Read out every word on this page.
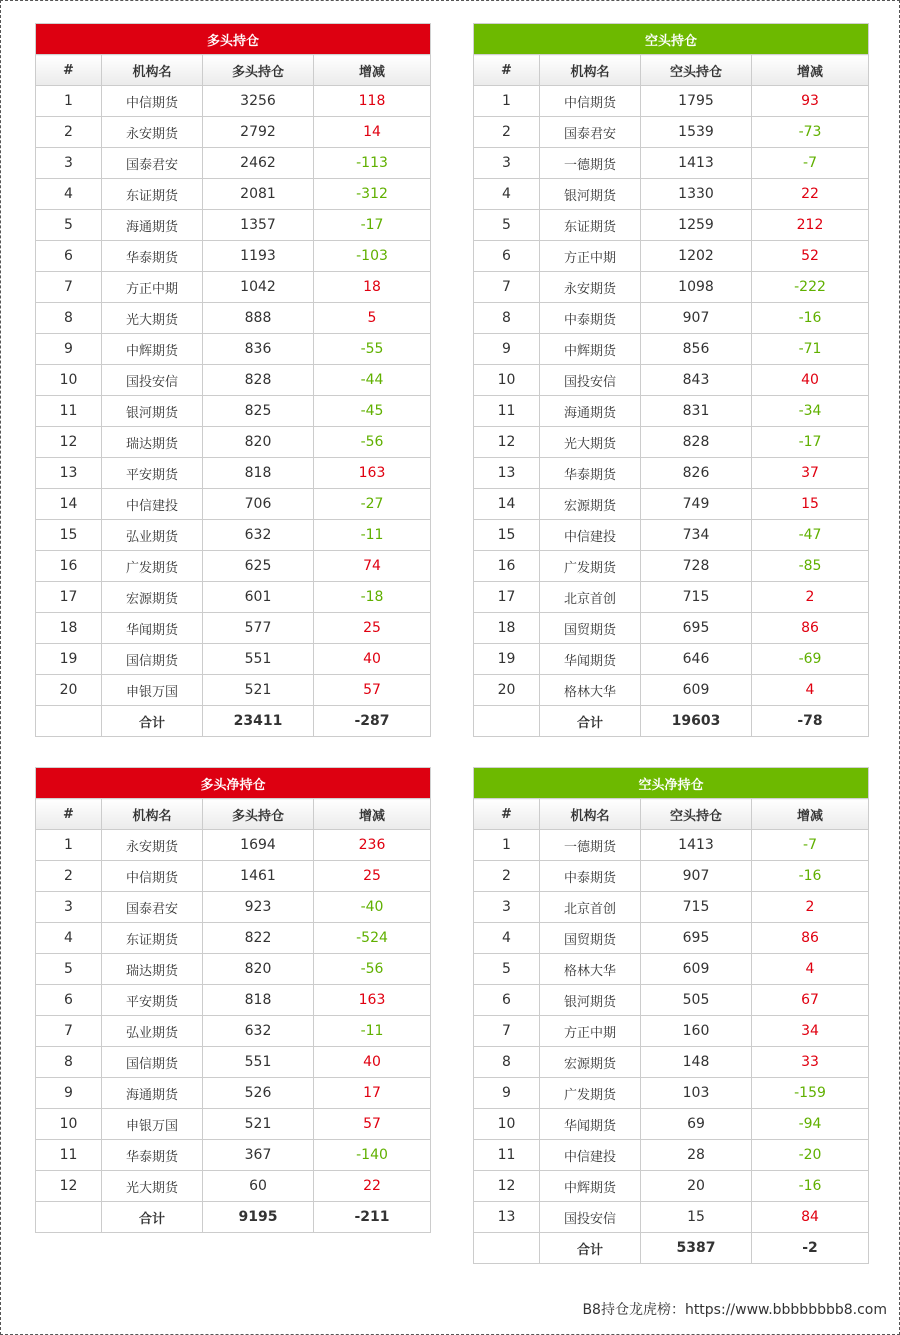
多头持仓			
#	机构名	多头持仓	增减
1	中信期货	3256	118
2	永安期货	2792	14
3	国泰君安	2462	-113
4	东证期货	2081	-312
5	海通期货	1357	-17
6	华泰期货	1193	-103
7	方正中期	1042	18
8	光大期货	888	5
9	中辉期货	836	-55
10	国投安信	828	-44
11	银河期货	825	-45
12	瑞达期货	820	-56
13	平安期货	818	163
14	中信建投	706	-27
15	弘业期货	632	-11
16	广发期货	625	74
17	宏源期货	601	-18
18	华闻期货	577	25
19	国信期货	551	40
20	申银万国	521	57
	合计	23411	-287
空头持仓			
#	机构名	空头持仓	增减
1	中信期货	1795	93
2	国泰君安	1539	-73
3	一德期货	1413	-7
4	银河期货	1330	22
5	东证期货	1259	212
6	方正中期	1202	52
7	永安期货	1098	-222
8	中泰期货	907	-16
9	中辉期货	856	-71
10	国投安信	843	40
11	海通期货	831	-34
12	光大期货	828	-17
13	华泰期货	826	37
14	宏源期货	749	15
15	中信建投	734	-47
16	广发期货	728	-85
17	北京首创	715	2
18	国贸期货	695	86
19	华闻期货	646	-69
20	格林大华	609	4
	合计	19603	-78
多头净持仓			
#	机构名	多头持仓	增减
1	永安期货	1694	236
2	中信期货	1461	25
3	国泰君安	923	-40
4	东证期货	822	-524
5	瑞达期货	820	-56
6	平安期货	818	163
7	弘业期货	632	-11
8	国信期货	551	40
9	海通期货	526	17
10	申银万国	521	57
11	华泰期货	367	-140
12	光大期货	60	22
	合计	9195	-211
空头净持仓			
#	机构名	空头持仓	增减
1	一德期货	1413	-7
2	中泰期货	907	-16
3	北京首创	715	2
4	国贸期货	695	86
5	格林大华	609	4
6	银河期货	505	67
7	方正中期	160	34
8	宏源期货	148	33
9	广发期货	103	-159
10	华闻期货	69	-94
11	中信建投	28	-20
12	中辉期货	20	-16
13	国投安信	15	84
	合计	5387	-2
B8持仓龙虎榜：https://www.bbbbbbbb8.com
